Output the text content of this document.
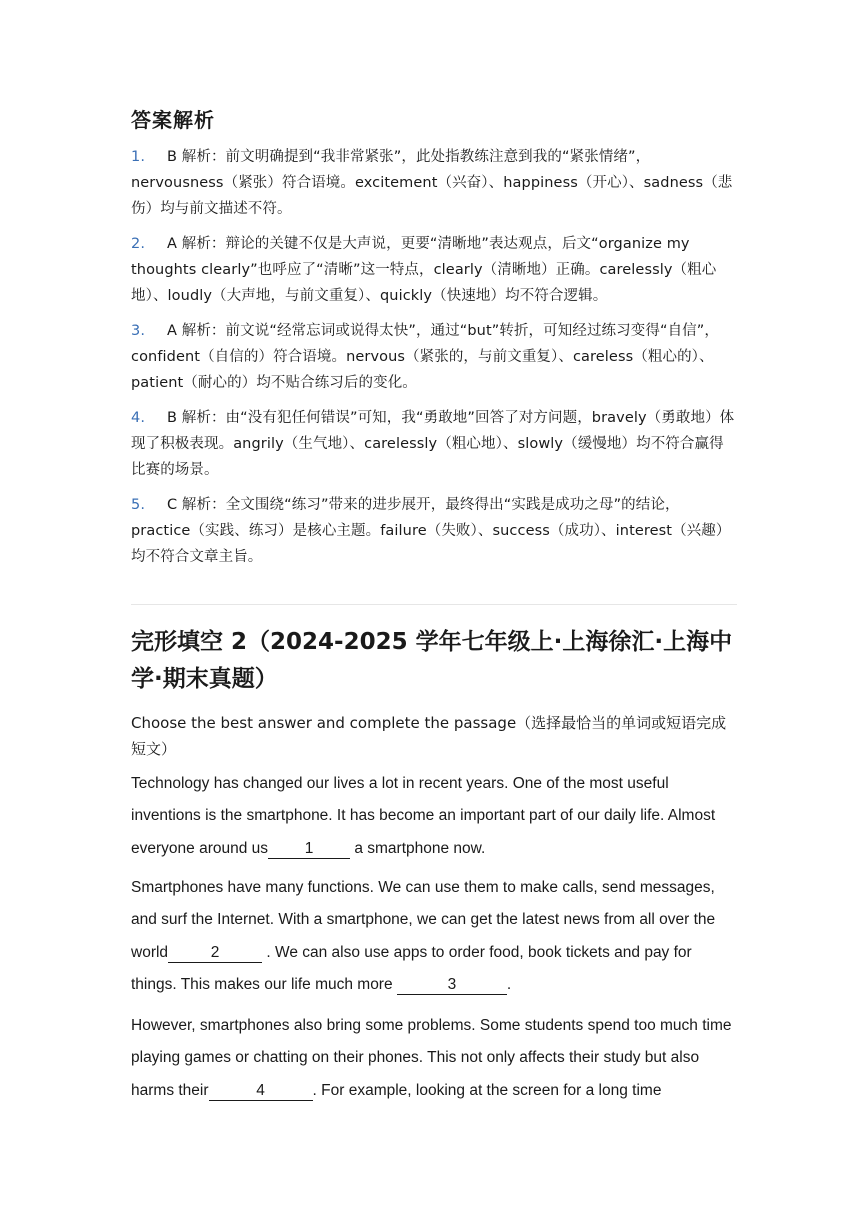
答案解析
1. B 解析：前文明确提到“我非常紧张”，此处指教练注意到我的“紧张情绪”，nervousness（紧张）符合语境。excitement（兴奋）、happiness（开心）、sadness（悲伤）均与前文描述不符。
2. A 解析：辩论的关键不仅是大声说，更要“清晰地”表达观点，后文“organize my thoughts clearly”也呼应了“清晰”这一特点，clearly（清晰地）正确。carelessly（粗心地）、loudly（大声地，与前文重复）、quickly（快速地）均不符合逻辑。
3. A 解析：前文说“经常忘词或说得太快”，通过“but”转折，可知经过练习变得“自信”，confident（自信的）符合语境。nervous（紧张的，与前文重复）、careless（粗心的）、patient（耐心的）均不贴合练习后的变化。
4. B 解析：由“没有犯任何错误”可知，我“勇敢地”回答了对方问题，bravely（勇敢地）体现了积极表现。angrily（生气地）、carelessly（粗心地）、slowly（缓慢地）均不符合赢得比赛的场景。
5. C 解析：全文围绕“练习”带来的进步展开，最终得出“实践是成功之母”的结论，practice（实践、练习）是核心主题。failure（失败）、success（成功）、interest（兴趣）均不符合文章主旨。
完形填空 2（2024-2025 学年七年级上·上海徐汇·上海中学·期末真题）
Choose the best answer and complete the passage（选择最恰当的单词或短语完成短文）
Technology has changed our lives a lot in recent years. One of the most useful inventions is the smartphone. It has become an important part of our daily life. Almost everyone around us 1 a smartphone now.
Smartphones have many functions. We can use them to make calls, send messages, and surf the Internet. With a smartphone, we can get the latest news from all over the world	2	. We can also use apps to order food, book tickets and pay for things. This makes our life much more	3	.
However, smartphones also bring some problems. Some students spend too much time playing games or chatting on their phones. This not only affects their study but also harms their	4	. For example, looking at the screen for a long time
